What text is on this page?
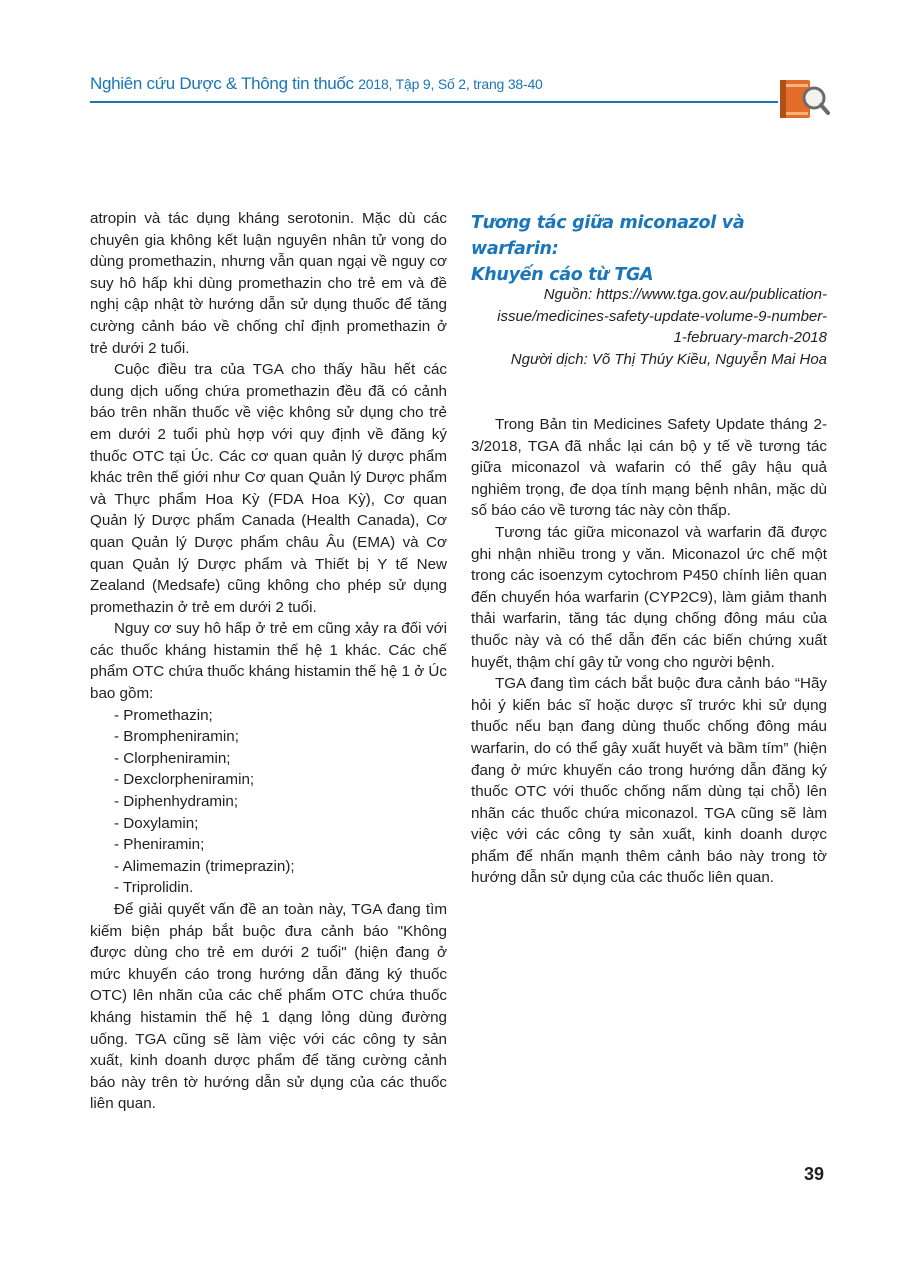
Nghiên cứu Dược & Thông tin thuốc 2018, Tập 9, Số 2, trang 38-40

atropin và tác dụng kháng serotonin. Mặc dù các chuyên gia không kết luận nguyên nhân tử vong do dùng promethazin, nhưng vẫn quan ngại về nguy cơ suy hô hấp khi dùng promethazin cho trẻ em và đề nghị cập nhật tờ hướng dẫn sử dụng thuốc để tăng cường cảnh báo về chống chỉ định promethazin ở trẻ dưới 2 tuổi.

Cuộc điều tra của TGA cho thấy hầu hết các dung dịch uống chứa promethazin đều đã có cảnh báo trên nhãn thuốc về việc không sử dụng cho trẻ em dưới 2 tuổi phù hợp với quy định về đăng ký thuốc OTC tại Úc. Các cơ quan quản lý dược phẩm khác trên thế giới như Cơ quan Quản lý Dược phẩm và Thực phẩm Hoa Kỳ (FDA Hoa Kỳ), Cơ quan Quản lý Dược phẩm Canada (Health Canada), Cơ quan Quản lý Dược phẩm châu Âu (EMA) và Cơ quan Quản lý Dược phẩm và Thiết bị Y tế New Zealand (Medsafe) cũng không cho phép sử dụng promethazin ở trẻ em dưới 2 tuổi.

Nguy cơ suy hô hấp ở trẻ em cũng xảy ra đối với các thuốc kháng histamin thế hệ 1 khác. Các chế phẩm OTC chứa thuốc kháng histamin thế hệ 1 ở Úc bao gồm:

- Promethazin;
- Brompheniramin;
- Clorpheniramin;
- Dexclorpheniramin;
- Diphenhydramin;
- Doxylamin;
- Pheniramin;
- Alimemazin (trimeprazin);
- Triprolidin.

Để giải quyết vấn đề an toàn này, TGA đang tìm kiếm biện pháp bắt buộc đưa cảnh báo "Không được dùng cho trẻ em dưới 2 tuổi" (hiện đang ở mức khuyến cáo trong hướng dẫn đăng ký thuốc OTC) lên nhãn của các chế phẩm OTC chứa thuốc kháng histamin thế hệ 1 dạng lỏng dùng đường uống. TGA cũng sẽ làm việc với các công ty sản xuất, kinh doanh dược phẩm để tăng cường cảnh báo này trên tờ hướng dẫn sử dụng của các thuốc liên quan.

Tương tác giữa miconazol và warfarin:
Khuyến cáo từ TGA
Nguồn: https://www.tga.gov.au/publication-
issue/medicines-safety-update-volume-9-number-
1-february-march-2018
Người dịch: Võ Thị Thúy Kiều, Nguyễn Mai Hoa

Trong Bản tin Medicines Safety Update tháng 2-3/2018, TGA đã nhắc lại cán bộ y tế về tương tác giữa miconazol và wafarin có thể gây hậu quả nghiêm trọng, đe dọa tính mạng bệnh nhân, mặc dù số báo cáo về tương tác này còn thấp.

Tương tác giữa miconazol và warfarin đã được ghi nhận nhiều trong y văn. Miconazol ức chế một trong các isoenzym cytochrom P450 chính liên quan đến chuyển hóa warfarin (CYP2C9), làm giảm thanh thải warfarin, tăng tác dụng chống đông máu của thuốc này và có thể dẫn đến các biến chứng xuất huyết, thậm chí gây tử vong cho người bệnh.

TGA đang tìm cách bắt buộc đưa cảnh báo “Hãy hỏi ý kiến bác sĩ hoặc dược sĩ trước khi sử dụng thuốc nếu bạn đang dùng thuốc chống đông máu warfarin, do có thể gây xuất huyết và bầm tím” (hiện đang ở mức khuyến cáo trong hướng dẫn đăng ký thuốc OTC với thuốc chống nấm dùng tại chỗ) lên nhãn các thuốc chứa miconazol. TGA cũng sẽ làm việc với các công ty sản xuất, kinh doanh dược phẩm để nhấn mạnh thêm cảnh báo này trong tờ hướng dẫn sử dụng của các thuốc liên quan.

39
